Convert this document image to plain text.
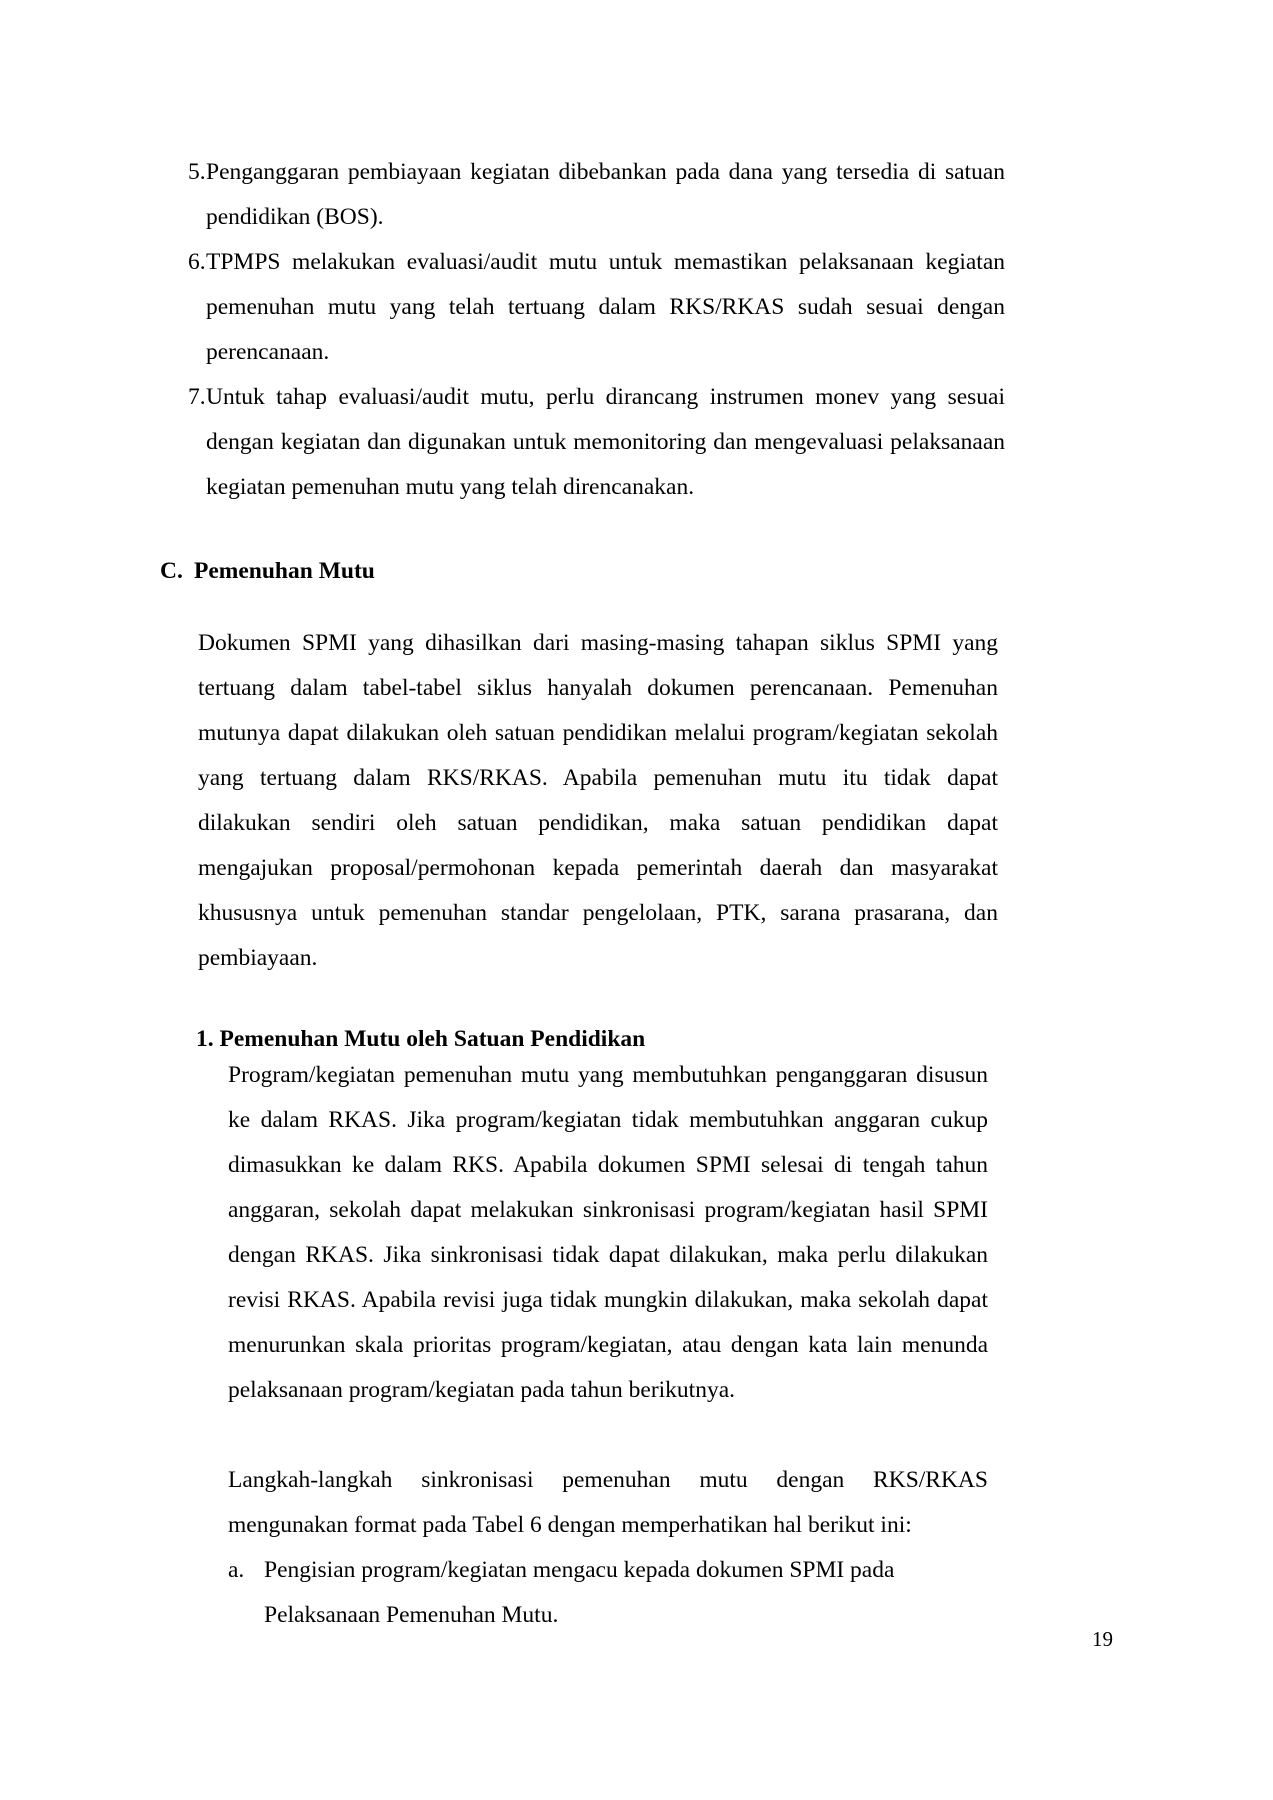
5. Penganggaran pembiayaan kegiatan dibebankan pada dana yang tersedia di satuan pendidikan (BOS).
6. TPMPS melakukan evaluasi/audit mutu untuk memastikan pelaksanaan kegiatan pemenuhan mutu yang telah tertuang dalam RKS/RKAS sudah sesuai dengan perencanaan.
7. Untuk tahap evaluasi/audit mutu, perlu dirancang instrumen monev yang sesuai dengan kegiatan dan digunakan untuk memonitoring dan mengevaluasi pelaksanaan kegiatan pemenuhan mutu yang telah direncanakan.
C. Pemenuhan Mutu

Dokumen SPMI yang dihasilkan dari masing-masing tahapan siklus SPMI yang tertuang dalam tabel-tabel siklus hanyalah dokumen perencanaan. Pemenuhan mutunya dapat dilakukan oleh satuan pendidikan melalui program/kegiatan sekolah yang tertuang dalam RKS/RKAS. Apabila pemenuhan mutu itu tidak dapat dilakukan sendiri oleh satuan pendidikan, maka satuan pendidikan dapat mengajukan proposal/permohonan kepada pemerintah daerah dan masyarakat khususnya untuk pemenuhan standar pengelolaan, PTK, sarana prasarana, dan pembiayaan.

1. Pemenuhan Mutu oleh Satuan Pendidikan

Program/kegiatan pemenuhan mutu yang membutuhkan penganggaran disusun ke dalam RKAS. Jika program/kegiatan tidak membutuhkan anggaran cukup dimasukkan ke dalam RKS. Apabila dokumen SPMI selesai di tengah tahun anggaran, sekolah dapat melakukan sinkronisasi program/kegiatan hasil SPMI dengan RKAS. Jika sinkronisasi tidak dapat dilakukan, maka perlu dilakukan revisi RKAS. Apabila revisi juga tidak mungkin dilakukan, maka sekolah dapat menurunkan skala prioritas program/kegiatan, atau dengan kata lain menunda pelaksanaan program/kegiatan pada tahun berikutnya.

Langkah-langkah sinkronisasi pemenuhan mutu dengan RKS/RKAS mengunakan format pada Tabel 6 dengan memperhatikan hal berikut ini:

a. Pengisian program/kegiatan mengacu kepada dokumen SPMI pada Pelaksanaan Pemenuhan Mutu.
19
